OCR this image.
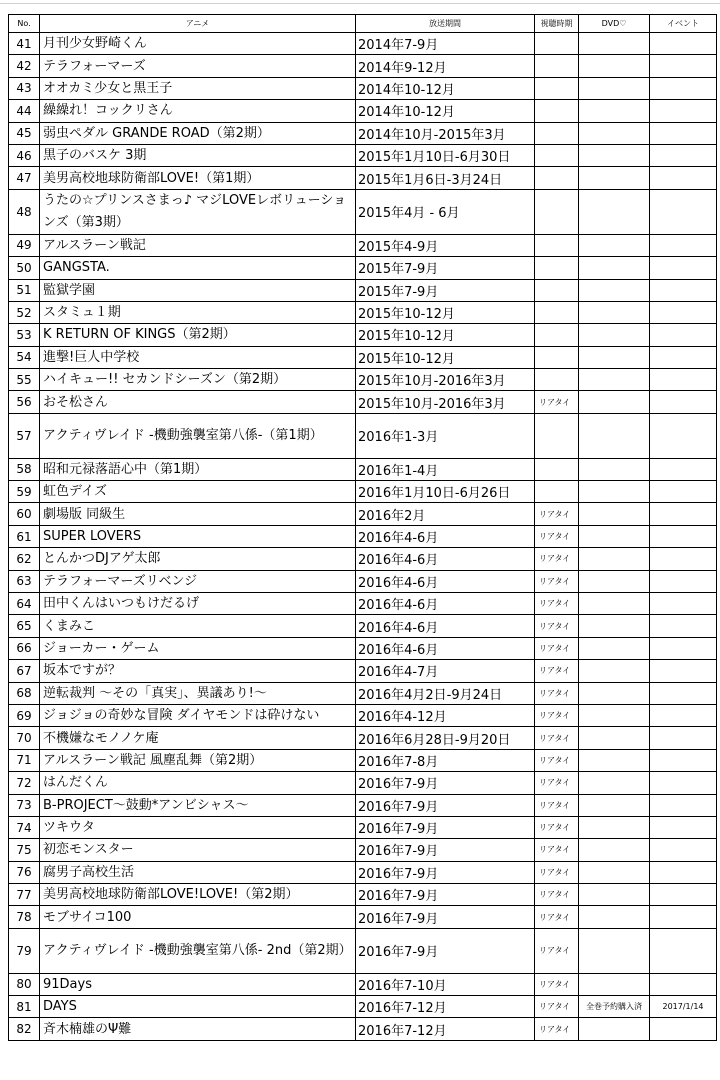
No.	アニメ	放送期間	視聴時期	DVD♡	イベント
41	月刊少女野崎くん	2014年7-9月			
42	テラフォーマーズ	2014年9-12月			
43	オオカミ少女と黒王子	2014年10-12月			
44	繰繰れ！コックリさん	2014年10-12月			
45	弱虫ペダル GRANDE ROAD（第2期）	2014年10月-2015年3月			
46	黒子のバスケ 3期	2015年1月10日-6月30日			
47	美男高校地球防衛部LOVE!（第1期）	2015年1月6日-3月24日			
48	うたの☆プリンスさまっ♪ マジLOVEレボリューションズ（第3期）	2015年4月 - 6月			
49	アルスラーン戦記	2015年4-9月			
50	GANGSTA.	2015年7-9月			
51	監獄学園	2015年7-9月			
52	スタミュ１期	2015年10-12月			
53	K RETURN OF KINGS（第2期）	2015年10-12月			
54	進撃!巨人中学校	2015年10-12月			
55	ハイキュー!! セカンドシーズン（第2期）	2015年10月-2016年3月			
56	おそ松さん	2015年10月-2016年3月	リアタイ		
57	アクティヴレイド -機動強襲室第八係-（第1期）	2016年1-3月			
58	昭和元禄落語心中（第1期）	2016年1-4月			
59	虹色デイズ	2016年1月10日-6月26日			
60	劇場版 同級生	2016年2月	リアタイ		
61	SUPER LOVERS	2016年4-6月	リアタイ		
62	とんかつDJアゲ太郎	2016年4-6月	リアタイ		
63	テラフォーマーズリベンジ	2016年4-6月	リアタイ		
64	田中くんはいつもけだるげ	2016年4-6月	リアタイ		
65	くまみこ	2016年4-6月	リアタイ		
66	ジョーカー・ゲーム	2016年4-6月	リアタイ		
67	坂本ですが？	2016年4-7月	リアタイ		
68	逆転裁判 ～その「真実」、異議あり!～	2016年4月2日-9月24日	リアタイ		
69	ジョジョの奇妙な冒険 ダイヤモンドは砕けない	2016年4-12月	リアタイ		
70	不機嫌なモノノケ庵	2016年6月28日-9月20日	リアタイ		
71	アルスラーン戦記 風塵乱舞（第2期）	2016年7-8月	リアタイ		
72	はんだくん	2016年7-9月	リアタイ		
73	B-PROJECT～鼓動*アンビシャス～	2016年7-9月	リアタイ		
74	ツキウタ	2016年7-9月	リアタイ		
75	初恋モンスター	2016年7-9月	リアタイ		
76	腐男子高校生活	2016年7-9月	リアタイ		
77	美男高校地球防衛部LOVE!LOVE!（第2期）	2016年7-9月	リアタイ		
78	モブサイコ100	2016年7-9月	リアタイ		
79	アクティヴレイド -機動強襲室第八係- 2nd（第2期）	2016年7-9月	リアタイ		
80	91Days	2016年7-10月	リアタイ		
81	DAYS	2016年7-12月	リアタイ	全巻予約購入済	2017/1/14
82	斉木楠雄のΨ難	2016年7-12月	リアタイ		
